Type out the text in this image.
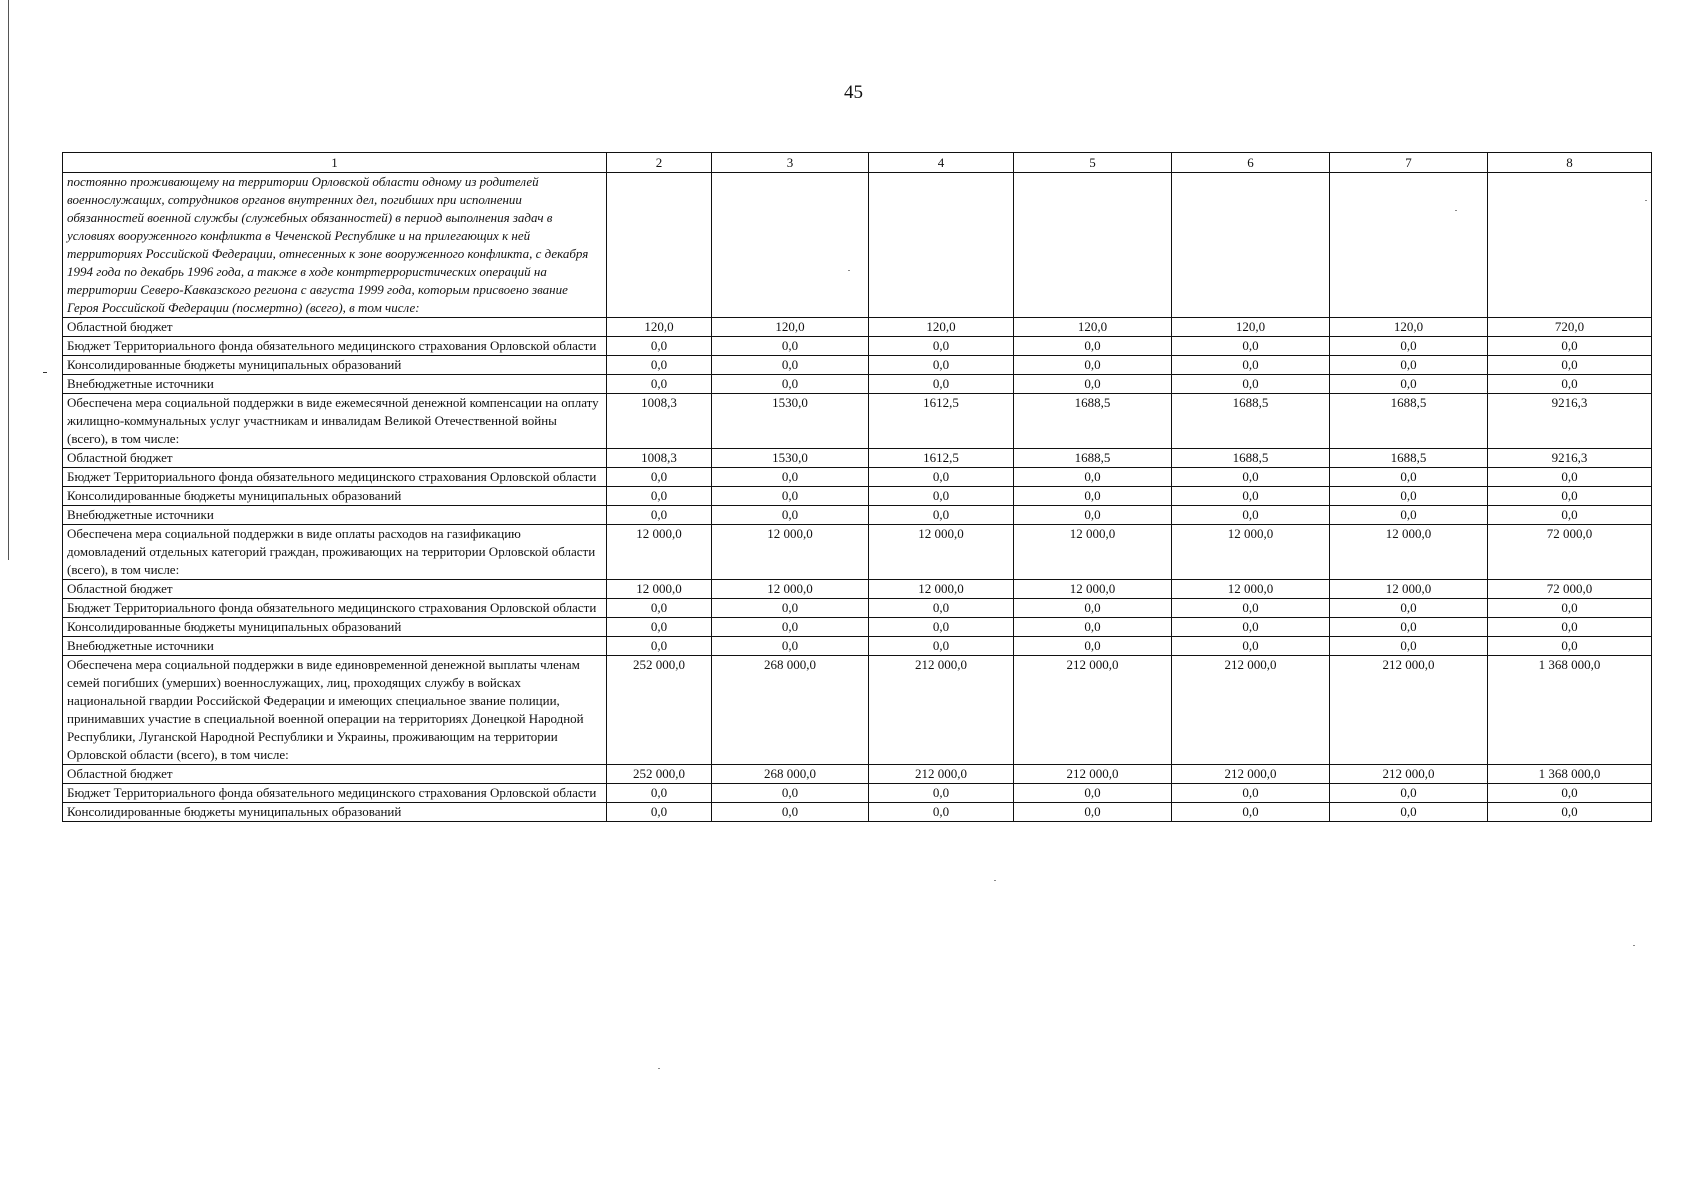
45
1	2	3	4	5	6	7	8
постоянно проживающему на территории Орловской области одному из родителей военнослужащих, сотрудников органов внутренних дел, погибших при исполнении обязанностей военной службы (служебных обязанностей) в период выполнения задач в условиях вооруженного конфликта в Чеченской Республике и на прилегающих к ней территориях Российской Федерации, отнесенных к зоне вооруженного конфликта, с декабря 1994 года по декабрь 1996 года, а также в ходе контртеррористических операций на территории Северо-Кавказского региона с августа 1999 года, которым присвоено звание Героя Российской Федерации (посмертно) (всего), в том числе:							
Областной бюджет	120,0	120,0	120,0	120,0	120,0	120,0	720,0
Бюджет Территориального фонда обязательного медицинского страхования Орловской области	0,0	0,0	0,0	0,0	0,0	0,0	0,0
Консолидированные бюджеты муниципальных образований	0,0	0,0	0,0	0,0	0,0	0,0	0,0
Внебюджетные источники	0,0	0,0	0,0	0,0	0,0	0,0	0,0
Обеспечена мера социальной поддержки в виде ежемесячной денежной компенсации на оплату жилищно-коммунальных услуг участникам и инвалидам Великой Отечественной войны
(всего), в том числе:	1008,3	1530,0	1612,5	1688,5	1688,5	1688,5	9216,3
Областной бюджет	1008,3	1530,0	1612,5	1688,5	1688,5	1688,5	9216,3
Бюджет Территориального фонда обязательного медицинского страхования Орловской области	0,0	0,0	0,0	0,0	0,0	0,0	0,0
Консолидированные бюджеты муниципальных образований	0,0	0,0	0,0	0,0	0,0	0,0	0,0
Внебюджетные источники	0,0	0,0	0,0	0,0	0,0	0,0	0,0
Обеспечена мера социальной поддержки в виде оплаты расходов на газификацию домовладений отдельных категорий граждан, проживающих на территории Орловской области (всего), в том числе:	12 000,0	12 000,0	12 000,0	12 000,0	12 000,0	12 000,0	72 000,0
Областной бюджет	12 000,0	12 000,0	12 000,0	12 000,0	12 000,0	12 000,0	72 000,0
Бюджет Территориального фонда обязательного медицинского страхования Орловской области	0,0	0,0	0,0	0,0	0,0	0,0	0,0
Консолидированные бюджеты муниципальных образований	0,0	0,0	0,0	0,0	0,0	0,0	0,0
Внебюджетные источники	0,0	0,0	0,0	0,0	0,0	0,0	0,0
Обеспечена мера социальной поддержки в виде единовременной денежной выплаты членам семей погибших (умерших) военнослужащих, лиц, проходящих службу в войсках национальной гвардии Российской Федерации и имеющих специальное звание полиции, принимавших участие в специальной военной операции на территориях Донецкой Народной Республики, Луганской Народной Республики и Украины, проживающим на территории Орловской области (всего), в том числе:	252 000,0	268 000,0	212 000,0	212 000,0	212 000,0	212 000,0	1 368 000,0
Областной бюджет	252 000,0	268 000,0	212 000,0	212 000,0	212 000,0	212 000,0	1 368 000,0
Бюджет Территориального фонда обязательного медицинского страхования Орловской области	0,0	0,0	0,0	0,0	0,0	0,0	0,0
Консолидированные бюджеты муниципальных образований	0,0	0,0	0,0	0,0	0,0	0,0	0,0
